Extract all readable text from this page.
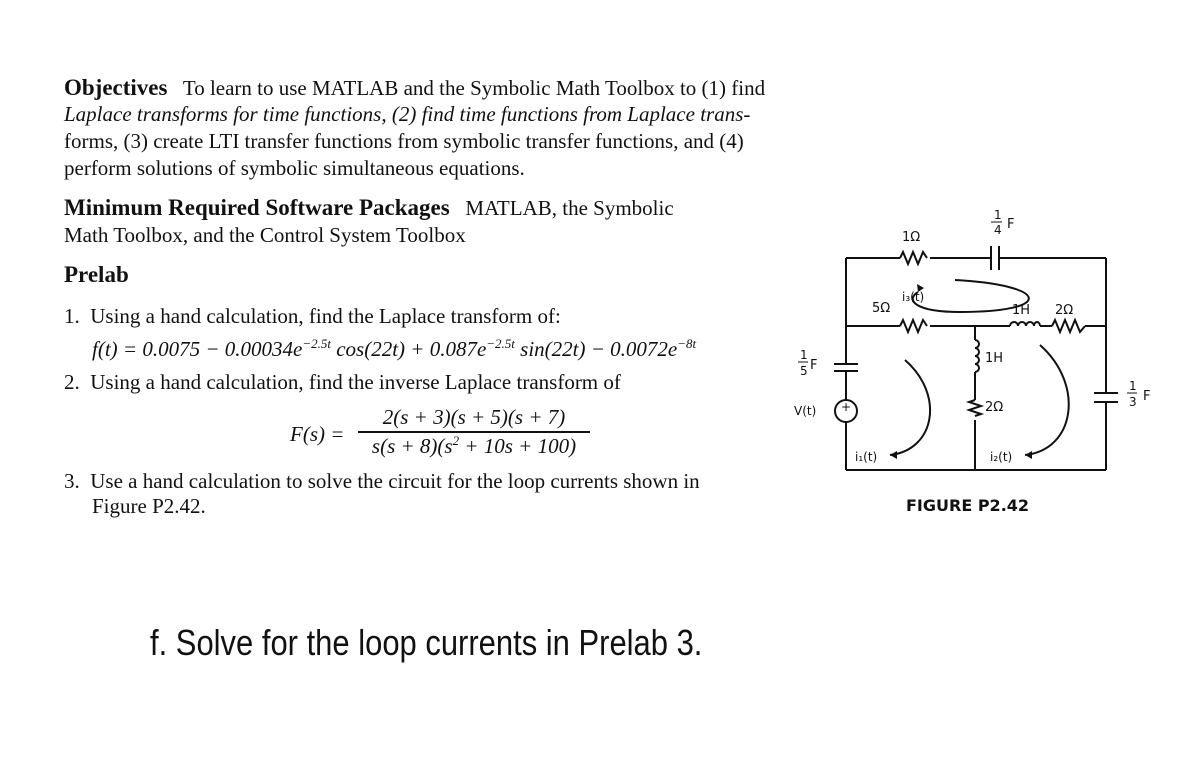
Objectives To learn to use MATLAB and the Symbolic Math Toolbox to (1) find
Laplace transforms for time functions, (2) find time functions from Laplace trans-
forms, (3) create LTI transfer functions from symbolic transfer functions, and (4)
perform solutions of symbolic simultaneous equations.
Minimum Required Software Packages MATLAB, the Symbolic
Math Toolbox, and the Control System Toolbox
Prelab
1. Using a hand calculation, find the Laplace transform of:
$f(t) = 0.0075 - 0.00034e^{-2.5t}$ $\cos(22t) + 0.087e^{-2.5t}$ $\sin(22t) - 0.0072e^{-8t}$
2. Using a hand calculation, find the inverse Laplace transform of
F(s) =
2(s + 3)(s + 5)(s + 7)
$s(s + 8)(s^2 + 10s + 100)$
3. Use a hand calculation to solve the circuit for the loop currents shown in
Figure P2.42.
1Ω
1
4 F
5Ω
i₃(t)
1H 2Ω
1H
2Ω
1
5 F
1
3 F
V(t) +
i₁(t)	i₂(t)
FIGURE P2.42
f. Solve for the loop currents in Prelab 3.
